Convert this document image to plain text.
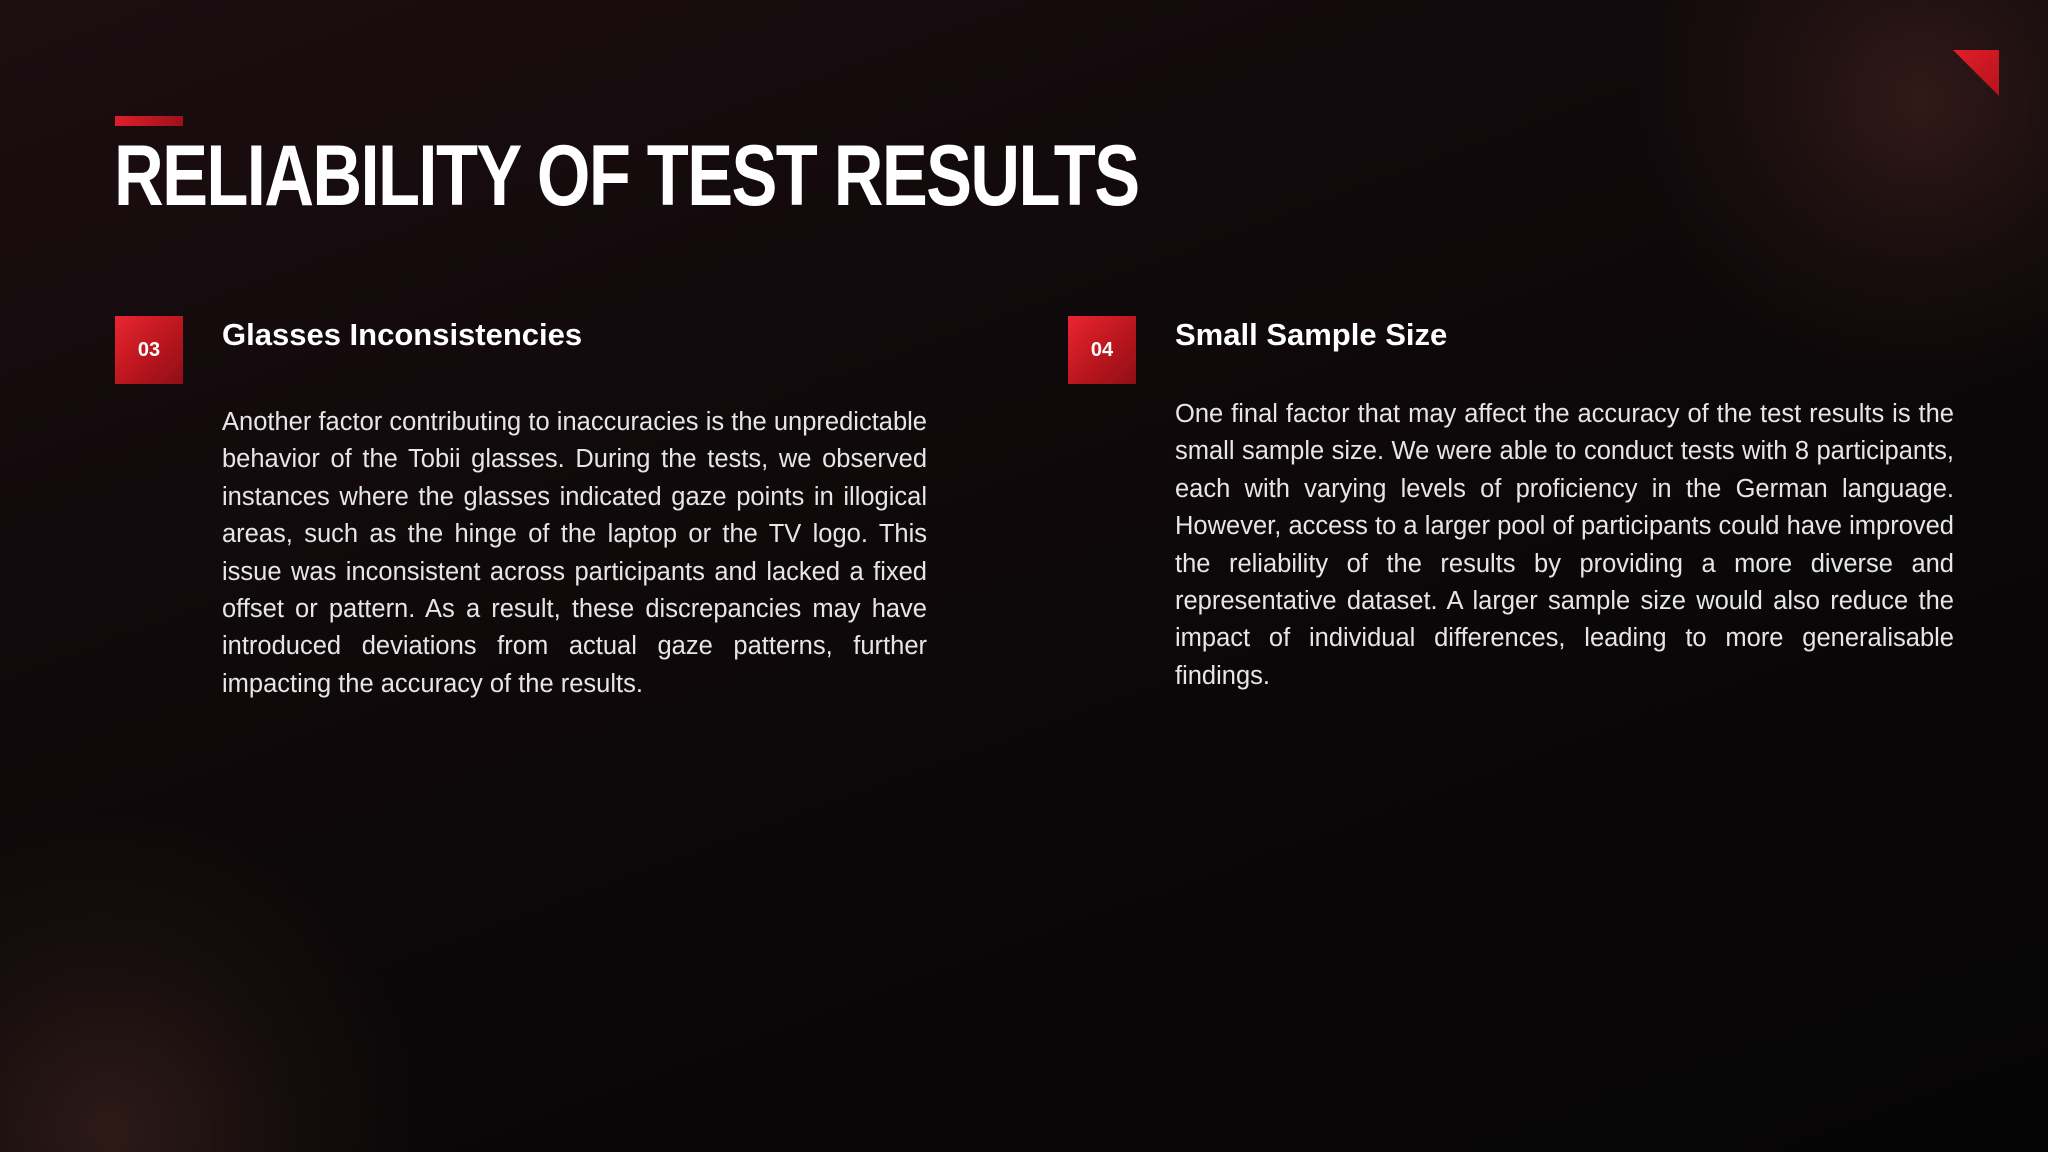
RELIABILITY OF TEST RESULTS
03 Glasses Inconsistencies

Another factor contributing to inaccuracies is the unpredictable behavior of the Tobii glasses. During the tests, we observed instances where the glasses indicated gaze points in illogical areas, such as the hinge of the laptop or the TV logo. This issue was inconsistent across participants and lacked a fixed offset or pattern. As a result, these discrepancies may have introduced deviations from actual gaze patterns, further impacting the accuracy of the results.

04 Small Sample Size

One final factor that may affect the accuracy of the test results is the small sample size. We were able to conduct tests with 8 participants, each with varying levels of proficiency in the German language. However, access to a larger pool of participants could have improved the reliability of the results by providing a more diverse and representative dataset. A larger sample size would also reduce the impact of individual differences, leading to more generalisable findings.
